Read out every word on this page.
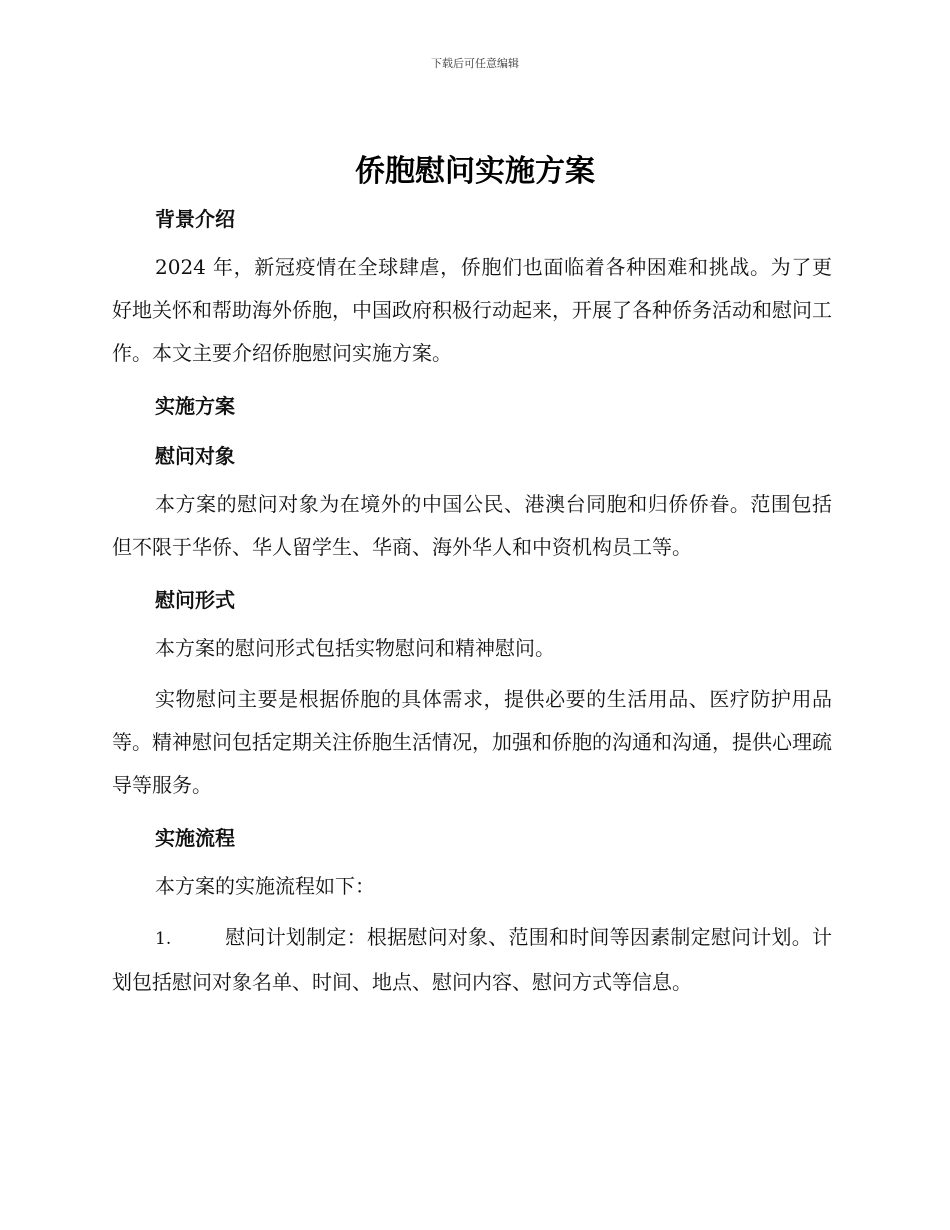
下载后可任意编辑
侨胞慰问实施方案
背景介绍

2024 年，新冠疫情在全球肆虐，侨胞们也面临着各种困难和挑战。为了更好地关怀和帮助海外侨胞，中国政府积极行动起来，开展了各种侨务活动和慰问工作。本文主要介绍侨胞慰问实施方案。

实施方案
慰问对象

本方案的慰问对象为在境外的中国公民、港澳台同胞和归侨侨眷。范围包括但不限于华侨、华人留学生、华商、海外华人和中资机构员工等。

慰问形式

本方案的慰问形式包括实物慰问和精神慰问。

实物慰问主要是根据侨胞的具体需求，提供必要的生活用品、医疗防护用品等。精神慰问包括定期关注侨胞生活情况，加强和侨胞的沟通和沟通，提供心理疏导等服务。

实施流程

本方案的实施流程如下：

1.	慰问计划制定：根据慰问对象、范围和时间等因素制定慰问计划。计划包括慰问对象名单、时间、地点、慰问内容、慰问方式等信息。
